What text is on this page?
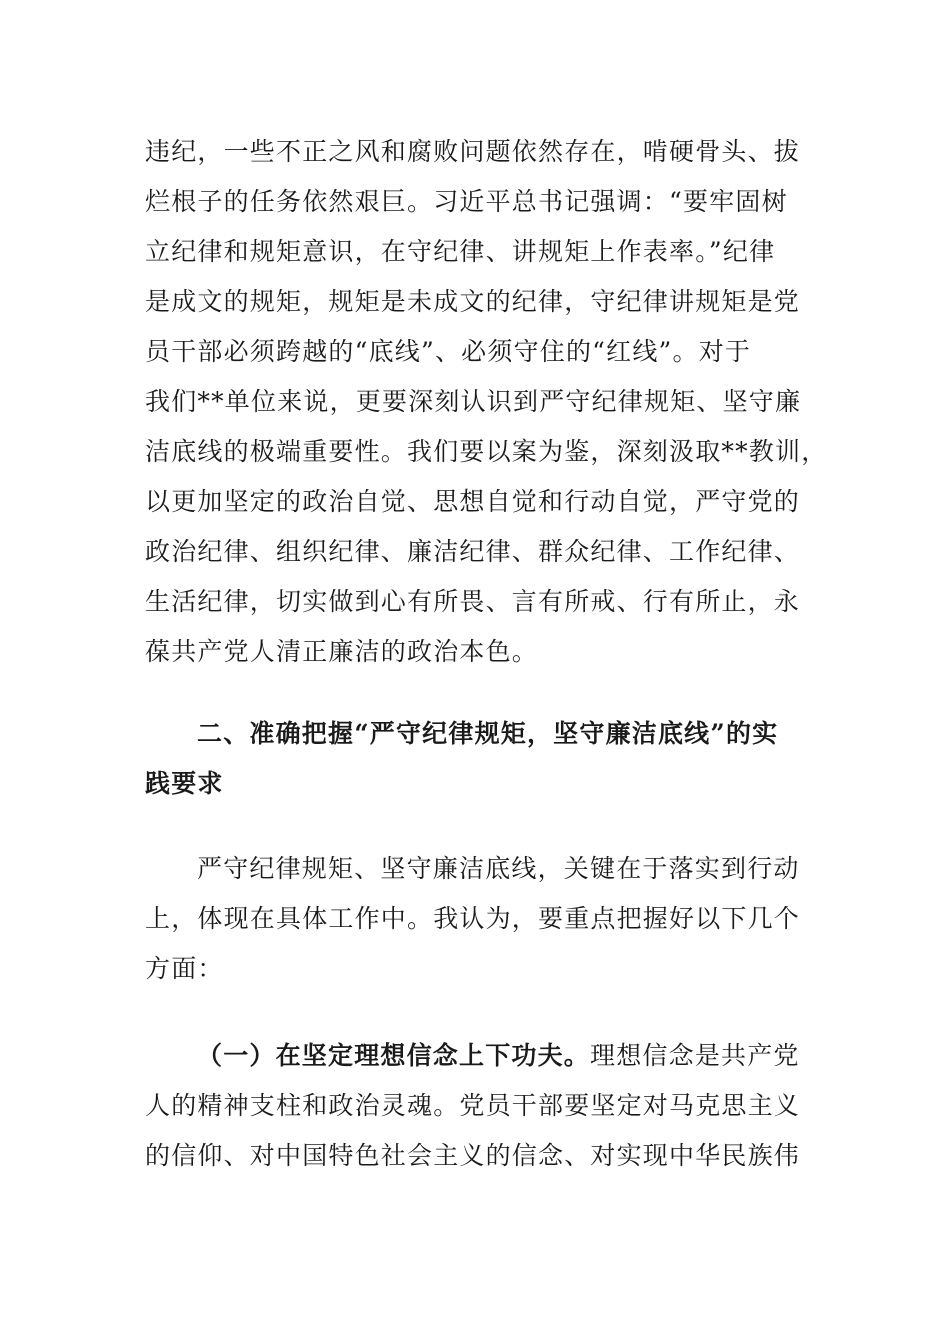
违纪，一些不正之风和腐败问题依然存在，啃硬骨头、拔
烂根子的任务依然艰巨。习近平总书记强调：“要牢固树
立纪律和规矩意识，在守纪律、讲规矩上作表率。”纪律
是成文的规矩，规矩是未成文的纪律，守纪律讲规矩是党
员干部必须跨越的“底线”、必须守住的“红线”。对于
我们**单位来说，更要深刻认识到严守纪律规矩、坚守廉
洁底线的极端重要性。我们要以案为鉴，深刻汲取**教训，
以更加坚定的政治自觉、思想自觉和行动自觉，严守党的
政治纪律、组织纪律、廉洁纪律、群众纪律、工作纪律、
生活纪律，切实做到心有所畏、言有所戒、行有所止，永
葆共产党人清正廉洁的政治本色。
二、准确把握“严守纪律规矩，坚守廉洁底线”的实
践要求
严守纪律规矩、坚守廉洁底线，关键在于落实到行动
上，体现在具体工作中。我认为，要重点把握好以下几个
方面：
（一）在坚定理想信念上下功夫。理想信念是共产党
人的精神支柱和政治灵魂。党员干部要坚定对马克思主义
的信仰、对中国特色社会主义的信念、对实现中华民族伟
